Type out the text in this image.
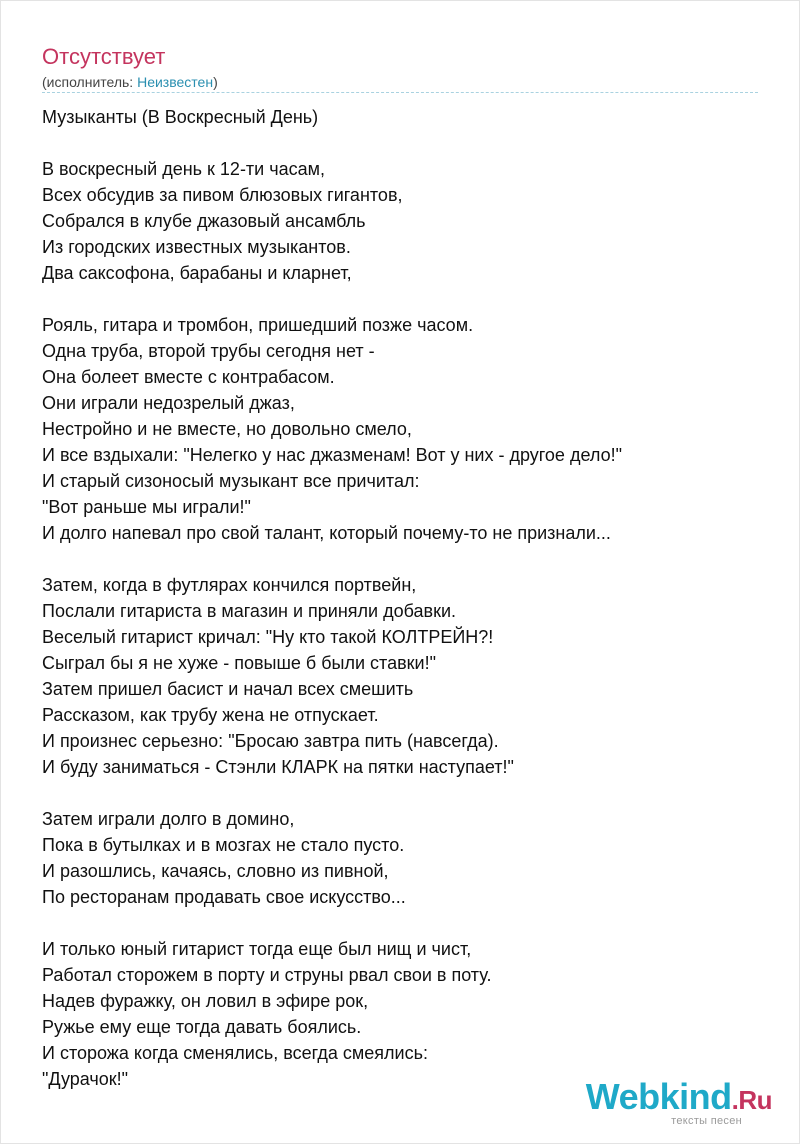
Отсутствует
(исполнитель: Неизвестен)
Музыканты (В Воскресный День)
В воскресный день к 12-ти часам,
Всех обсудив за пивом блюзовых гигантов,
Собрался в клубе джазовый ансамбль
Из городских известных музыкантов.
Два саксофона, барабаны и кларнет,
Рояль, гитара и тромбон, пришедший позже часом.
Одна труба, второй трубы сегодня нет -
Она болеет вместе с контрабасом.
Они играли недозрелый джаз,
Нестройно и не вместе, но довольно смело,
И все вздыхали: "Нелегко у нас джазменам! Вот у них - другое дело!"
И старый сизоносый музыкант все причитал:
"Вот раньше мы играли!"
И долго напевал про свой талант, который почему-то не признали...
Затем, когда в футлярах кончился портвейн,
Послали гитариста в магазин и приняли добавки.
Веселый гитарист кричал: "Ну кто такой КОЛТРЕЙН?!
Сыграл бы я не хуже - повыше б были ставки!"
Затем пришел басист и начал всех смешить
Рассказом, как трубу жена не отпускает.
И произнес серьезно: "Бросаю завтра пить (навсегда).
И буду заниматься - Стэнли КЛАРК на пятки наступает!"
Затем играли долго в домино,
Пока в бутылках и в мозгах не стало пусто.
И разошлись, качаясь, словно из пивной,
По ресторанам продавать свое искусство...
И только юный гитарист тогда еще был нищ и чист,
Работал сторожем в порту и струны рвал свои в поту.
Надев фуражку, он ловил в эфире рок,
Ружье ему еще тогда давать боялись.
И сторожа когда сменялись, всегда смеялись:
"Дурачок!"	Webkind.Ru
тексты песен
